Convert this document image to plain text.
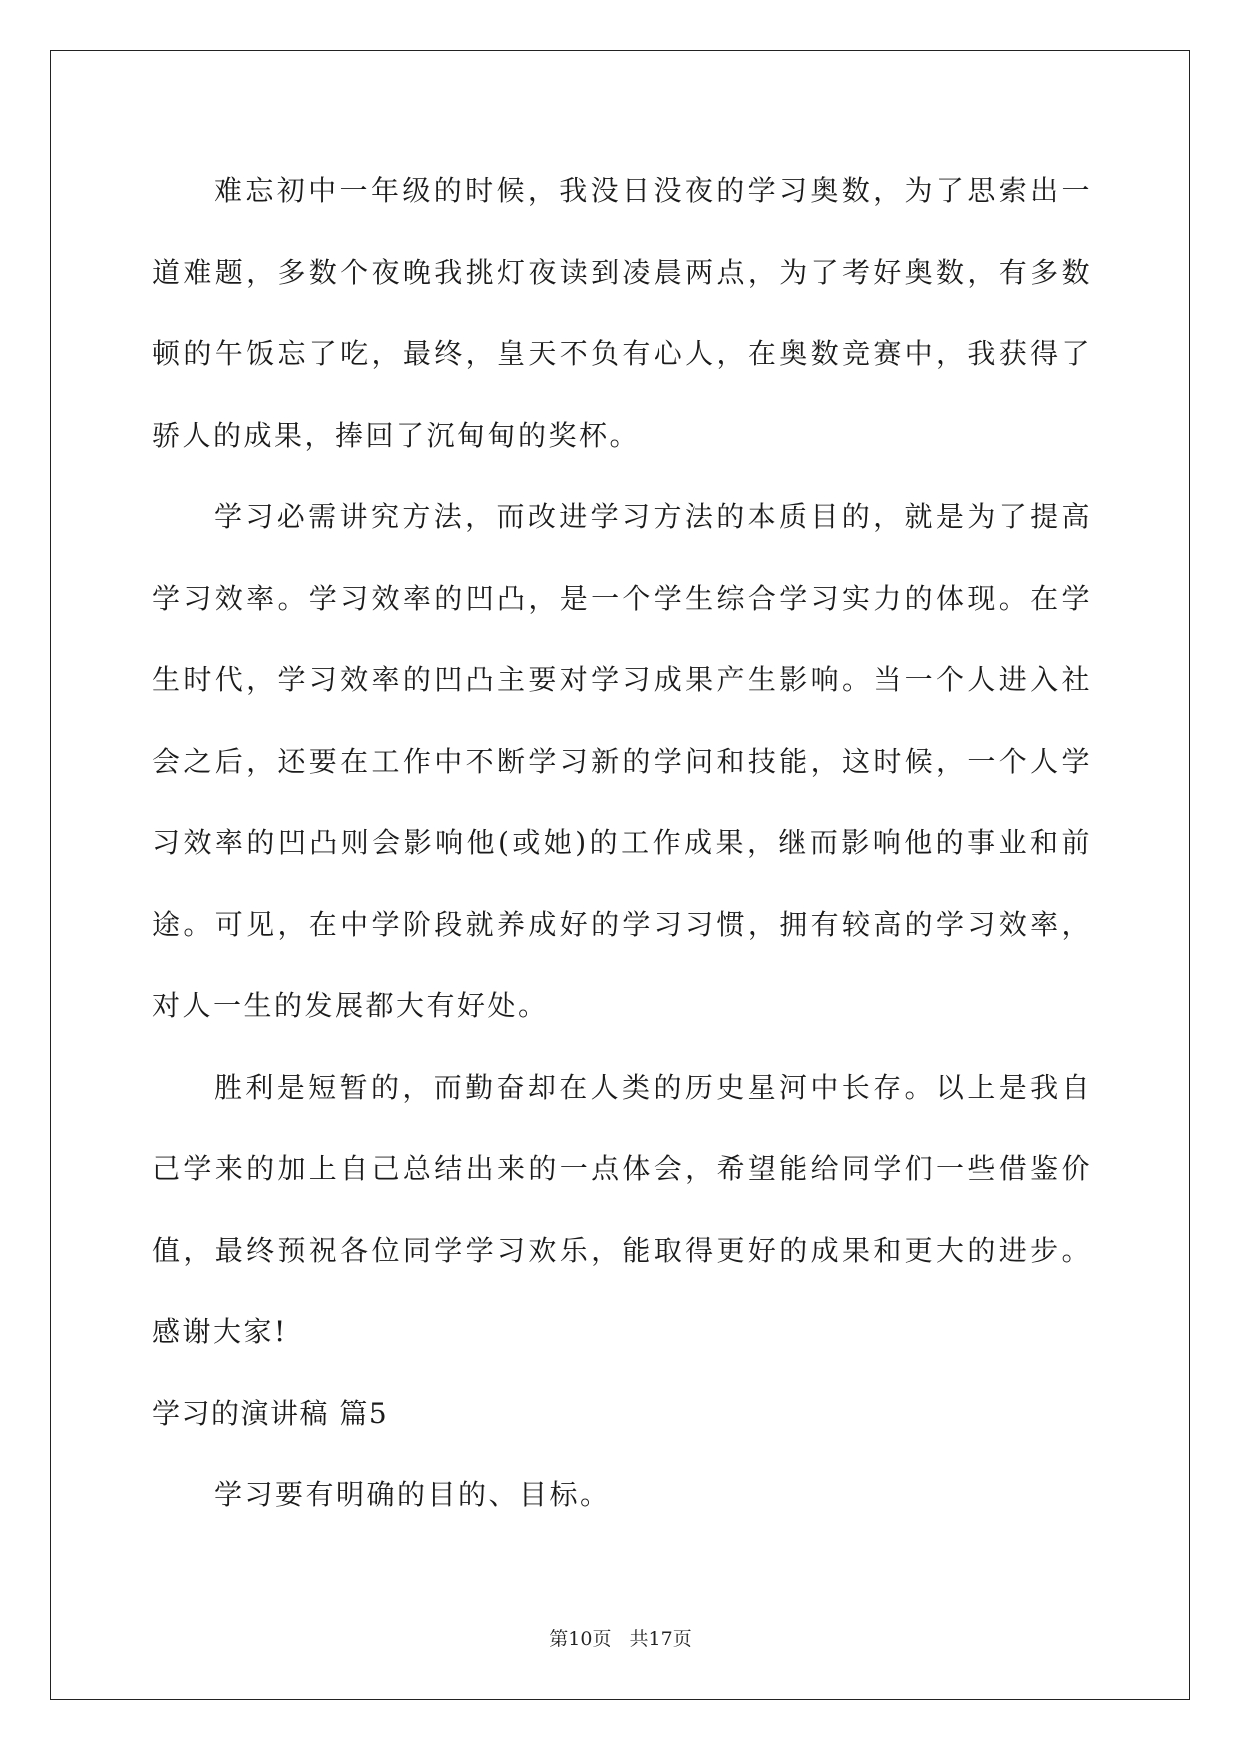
难忘初中一年级的时候，我没日没夜的学习奥数，为了思索出一道难题，多数个夜晚我挑灯夜读到凌晨两点，为了考好奥数，有多数顿的午饭忘了吃，最终，皇天不负有心人，在奥数竞赛中，我获得了骄人的成果，捧回了沉甸甸的奖杯。

学习必需讲究方法，而改进学习方法的本质目的，就是为了提高学习效率。学习效率的凹凸，是一个学生综合学习实力的体现。在学生时代，学习效率的凹凸主要对学习成果产生影响。当一个人进入社会之后，还要在工作中不断学习新的学问和技能，这时候，一个人学习效率的凹凸则会影响他(或她)的工作成果，继而影响他的事业和前途。可见，在中学阶段就养成好的学习习惯，拥有较高的学习效率，对人一生的发展都大有好处。

胜利是短暂的，而勤奋却在人类的历史星河中长存。以上是我自己学来的加上自己总结出来的一点体会，希望能给同学们一些借鉴价值，最终预祝各位同学学习欢乐，能取得更好的成果和更大的进步。感谢大家!

学习的演讲稿 篇5

学习要有明确的目的、目标。

第10页 共17页
